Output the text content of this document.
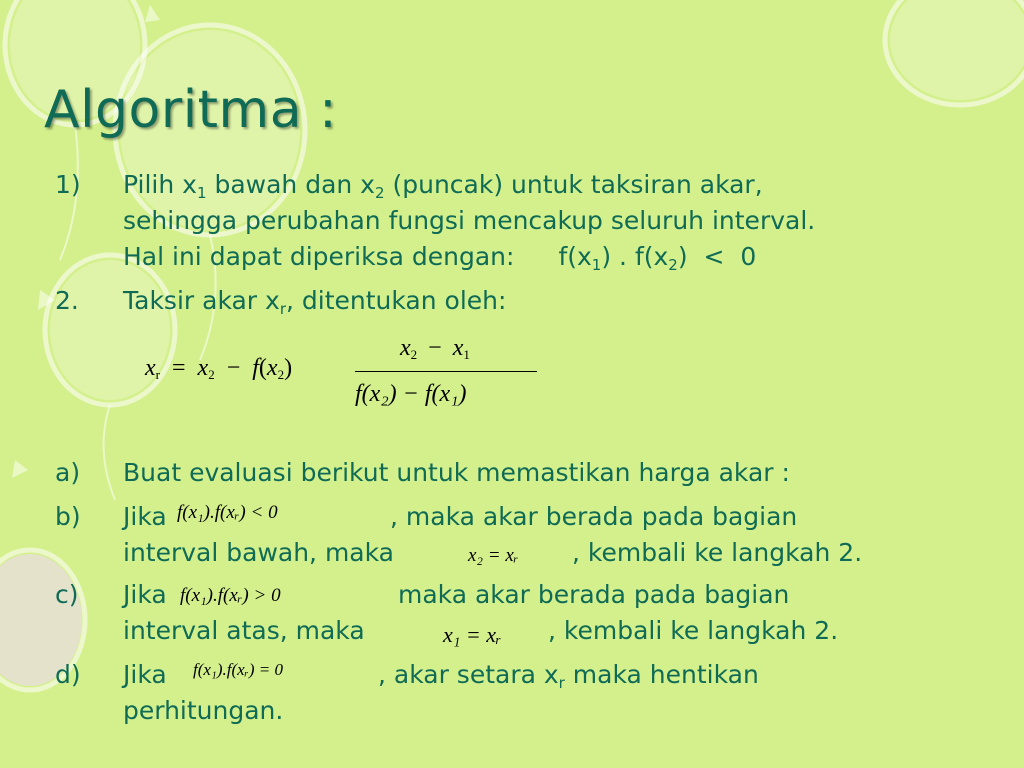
Algoritma :
1) Pilih $x_1$ bawah dan $x_2$ (puncak) untuk taksiran akar,
sehingga perubahan fungsi mencakup seluruh interval.
Hal ini dapat diperiksa dengan: $f(x_1)$ . $f(x_2) < 0$
2. Taksir akar $x_r$, ditentukan oleh:
xr = x2 − f(x2)
x2 − x1
f(x₂) − f(x₁)
a) Buat evaluasi berikut untuk memastikan harga akar :
b) Jika f(x₁).f(xᵣ) < 0	, maka akar berada pada bagian
interval bawah, maka	x₂ = xᵣ , kembali ke langkah 2.
c) Jika f(x₁).f(xᵣ) > 0	maka akar berada pada bagian
interval atas, maka	x₁ = xᵣ , kembali ke langkah 2.
d) Jika f(x₁).f(xᵣ) = 0	, akar setara $x_r$ maka hentikan
perhitungan.
